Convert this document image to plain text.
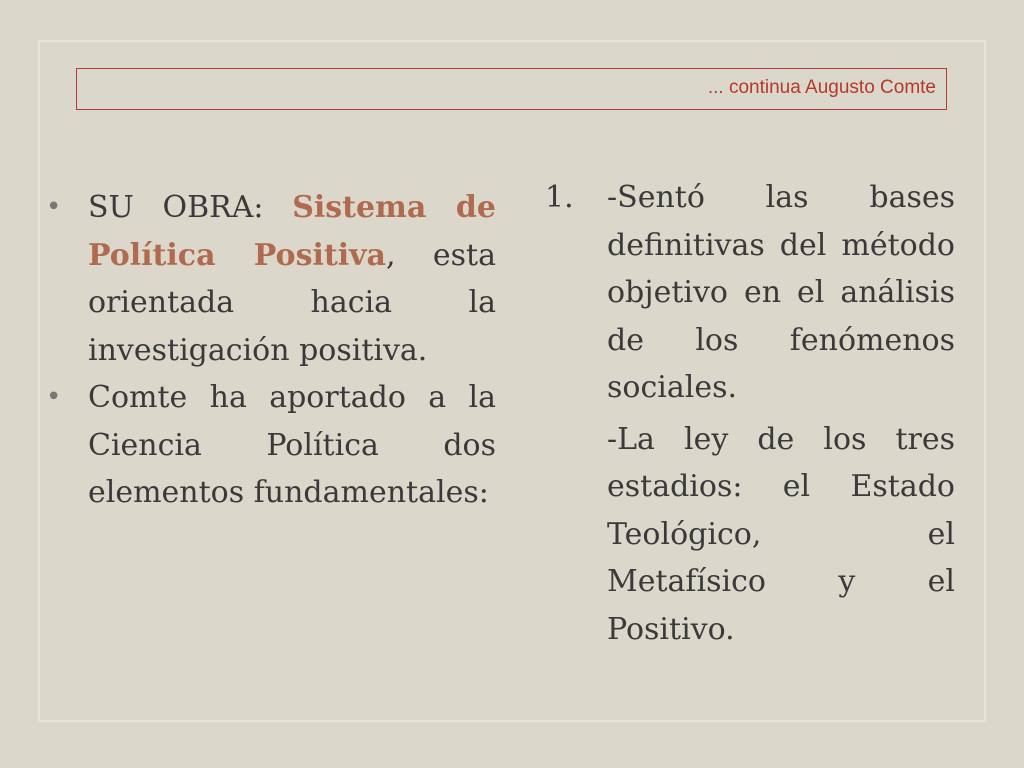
... continua Augusto Comte
• SU OBRA: Sistema de Política Positiva, esta orientada hacia la investigación positiva.
• Comte ha aportado a la Ciencia Política dos elementos fundamentales:
1. -Sentó las bases definitivas del método objetivo en el análisis de los fenómenos sociales.
-La ley de los tres estadios: el Estado Teológico, el Metafísico y el Positivo.
